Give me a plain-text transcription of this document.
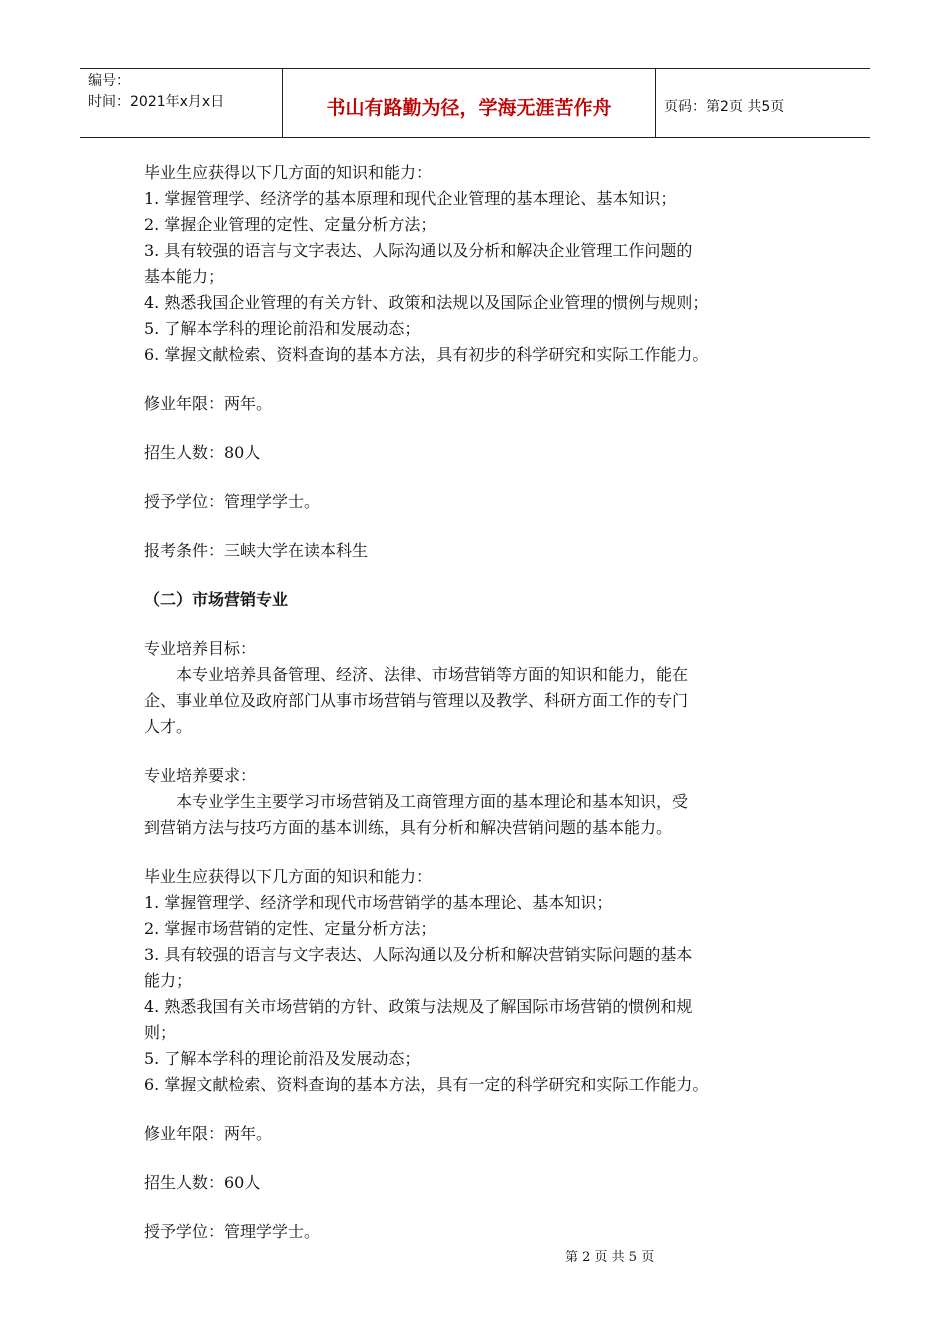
编号：
时间：2021年x月x日	书山有路勤为径，学海无涯苦作舟	页码：第2页 共5页
毕业生应获得以下几方面的知识和能力：
1. 掌握管理学、经济学的基本原理和现代企业管理的基本理论、基本知识；
2. 掌握企业管理的定性、定量分析方法；
3. 具有较强的语言与文字表达、人际沟通以及分析和解决企业管理工作问题的
基本能力；
4. 熟悉我国企业管理的有关方针、政策和法规以及国际企业管理的惯例与规则；
5. 了解本学科的理论前沿和发展动态；
6. 掌握文献检索、资料查询的基本方法，具有初步的科学研究和实际工作能力。
修业年限：两年。
招生人数：80人
授予学位：管理学学士。
报考条件：三峡大学在读本科生
（二）市场营销专业
专业培养目标：
本专业培养具备管理、经济、法律、市场营销等方面的知识和能力，能在
企、事业单位及政府部门从事市场营销与管理以及教学、科研方面工作的专门
人才。
专业培养要求：
本专业学生主要学习市场营销及工商管理方面的基本理论和基本知识，受
到营销方法与技巧方面的基本训练，具有分析和解决营销问题的基本能力。
毕业生应获得以下几方面的知识和能力：
1. 掌握管理学、经济学和现代市场营销学的基本理论、基本知识；
2. 掌握市场营销的定性、定量分析方法；
3. 具有较强的语言与文字表达、人际沟通以及分析和解决营销实际问题的基本
能力；
4. 熟悉我国有关市场营销的方针、政策与法规及了解国际市场营销的惯例和规
则；
5. 了解本学科的理论前沿及发展动态；
6. 掌握文献检索、资料查询的基本方法，具有一定的科学研究和实际工作能力。
修业年限：两年。
招生人数：60人
授予学位：管理学学士。
第 2 页 共 5 页
